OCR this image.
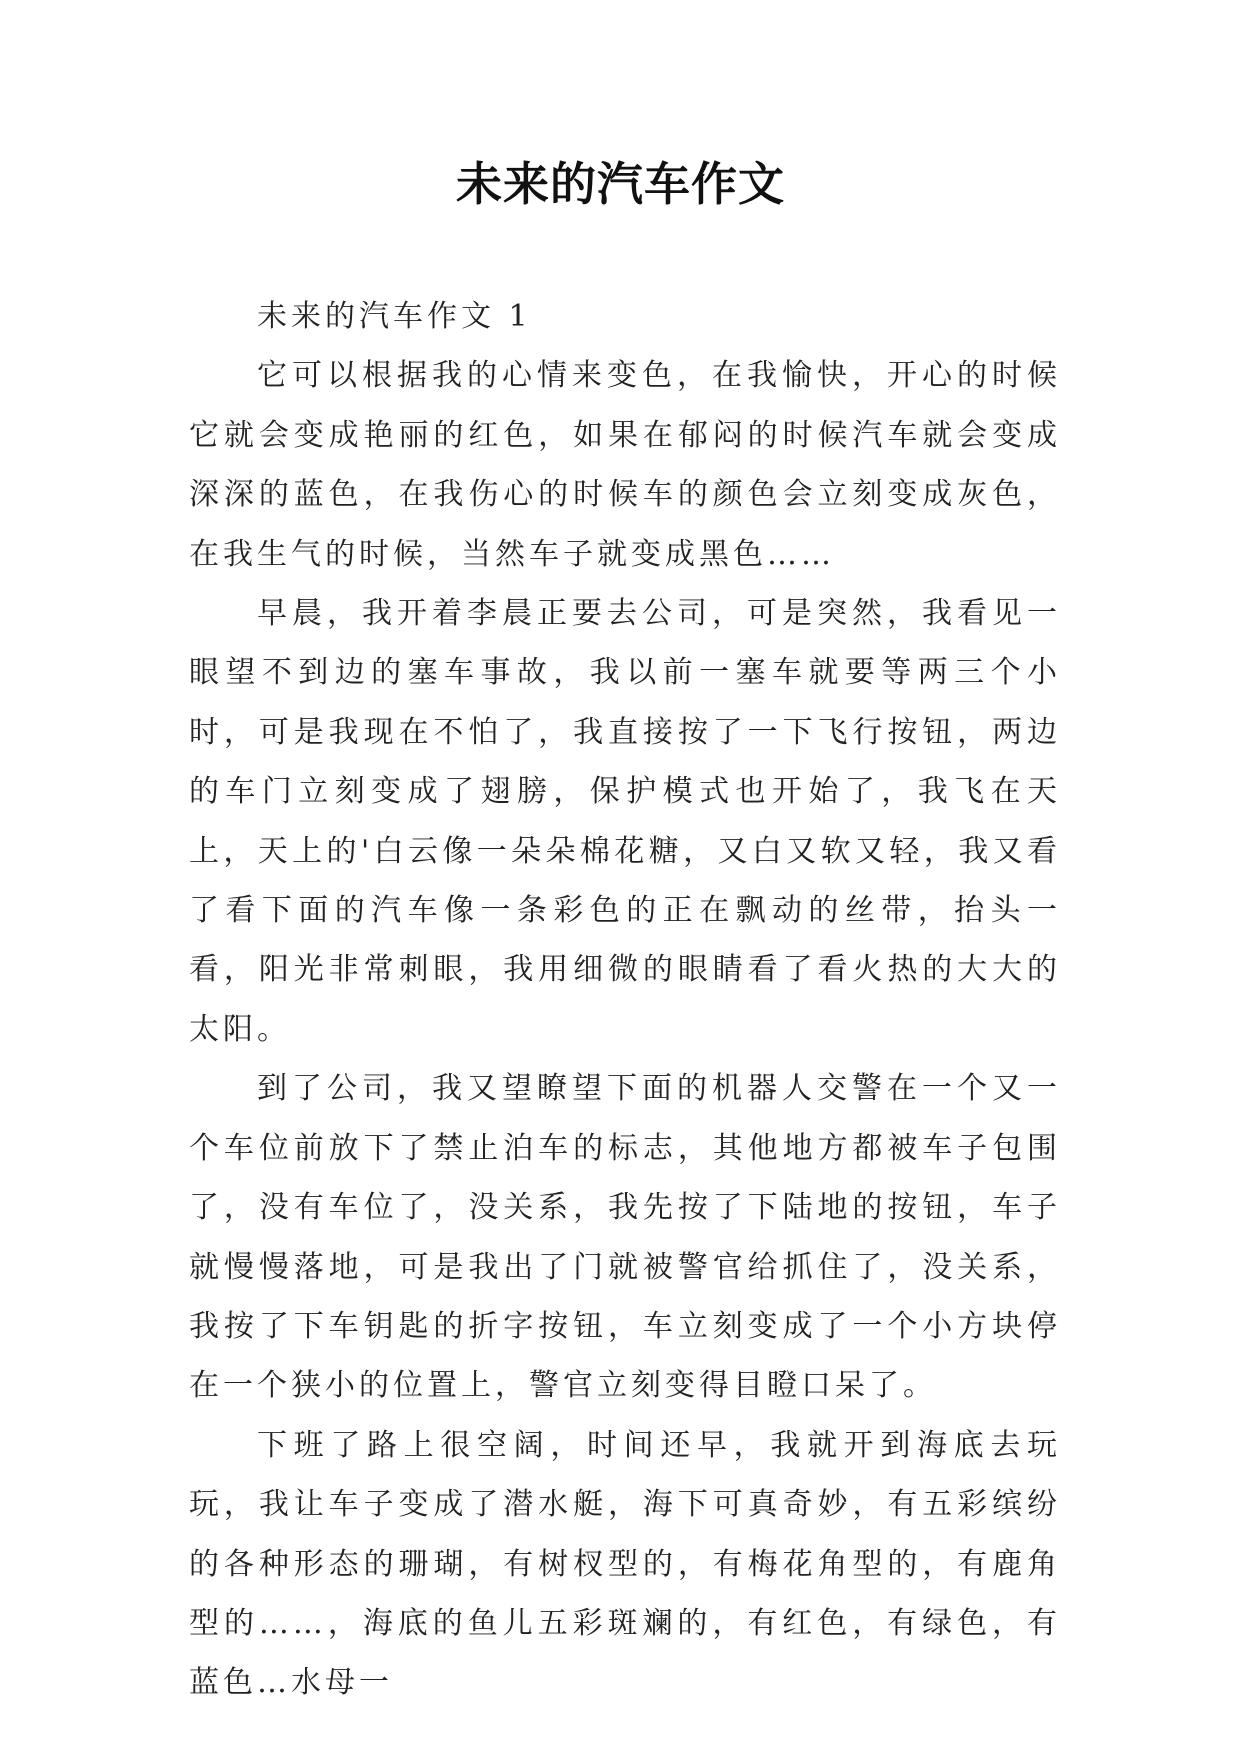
未来的汽车作文

未来的汽车作文 1

它可以根据我的心情来变色，在我愉快，开心的时候它就会变成艳丽的红色，如果在郁闷的时候汽车就会变成深深的蓝色，在我伤心的时候车的颜色会立刻变成灰色，在我生气的时候，当然车子就变成黑色……

早晨，我开着李晨正要去公司，可是突然，我看见一眼望不到边的塞车事故，我以前一塞车就要等两三个小时，可是我现在不怕了，我直接按了一下飞行按钮，两边的车门立刻变成了翅膀，保护模式也开始了，我飞在天上，天上的'白云像一朵朵棉花糖，又白又软又轻，我又看了看下面的汽车像一条彩色的正在飘动的丝带，抬头一看，阳光非常刺眼，我用细微的眼睛看了看火热的大大的太阳。

到了公司，我又望瞭望下面的机器人交警在一个又一个车位前放下了禁止泊车的标志，其他地方都被车子包围了，没有车位了，没关系，我先按了下陆地的按钮，车子就慢慢落地，可是我出了门就被警官给抓住了，没关系，我按了下车钥匙的折字按钮，车立刻变成了一个小方块停在一个狭小的位置上，警官立刻变得目瞪口呆了。

下班了路上很空阔，时间还早，我就开到海底去玩玩，我让车子变成了潜水艇，海下可真奇妙，有五彩缤纷的各种形态的珊瑚，有树杈型的，有梅花角型的，有鹿角型的……，海底的鱼儿五彩斑斓的，有红色，有绿色，有蓝色…水母一
